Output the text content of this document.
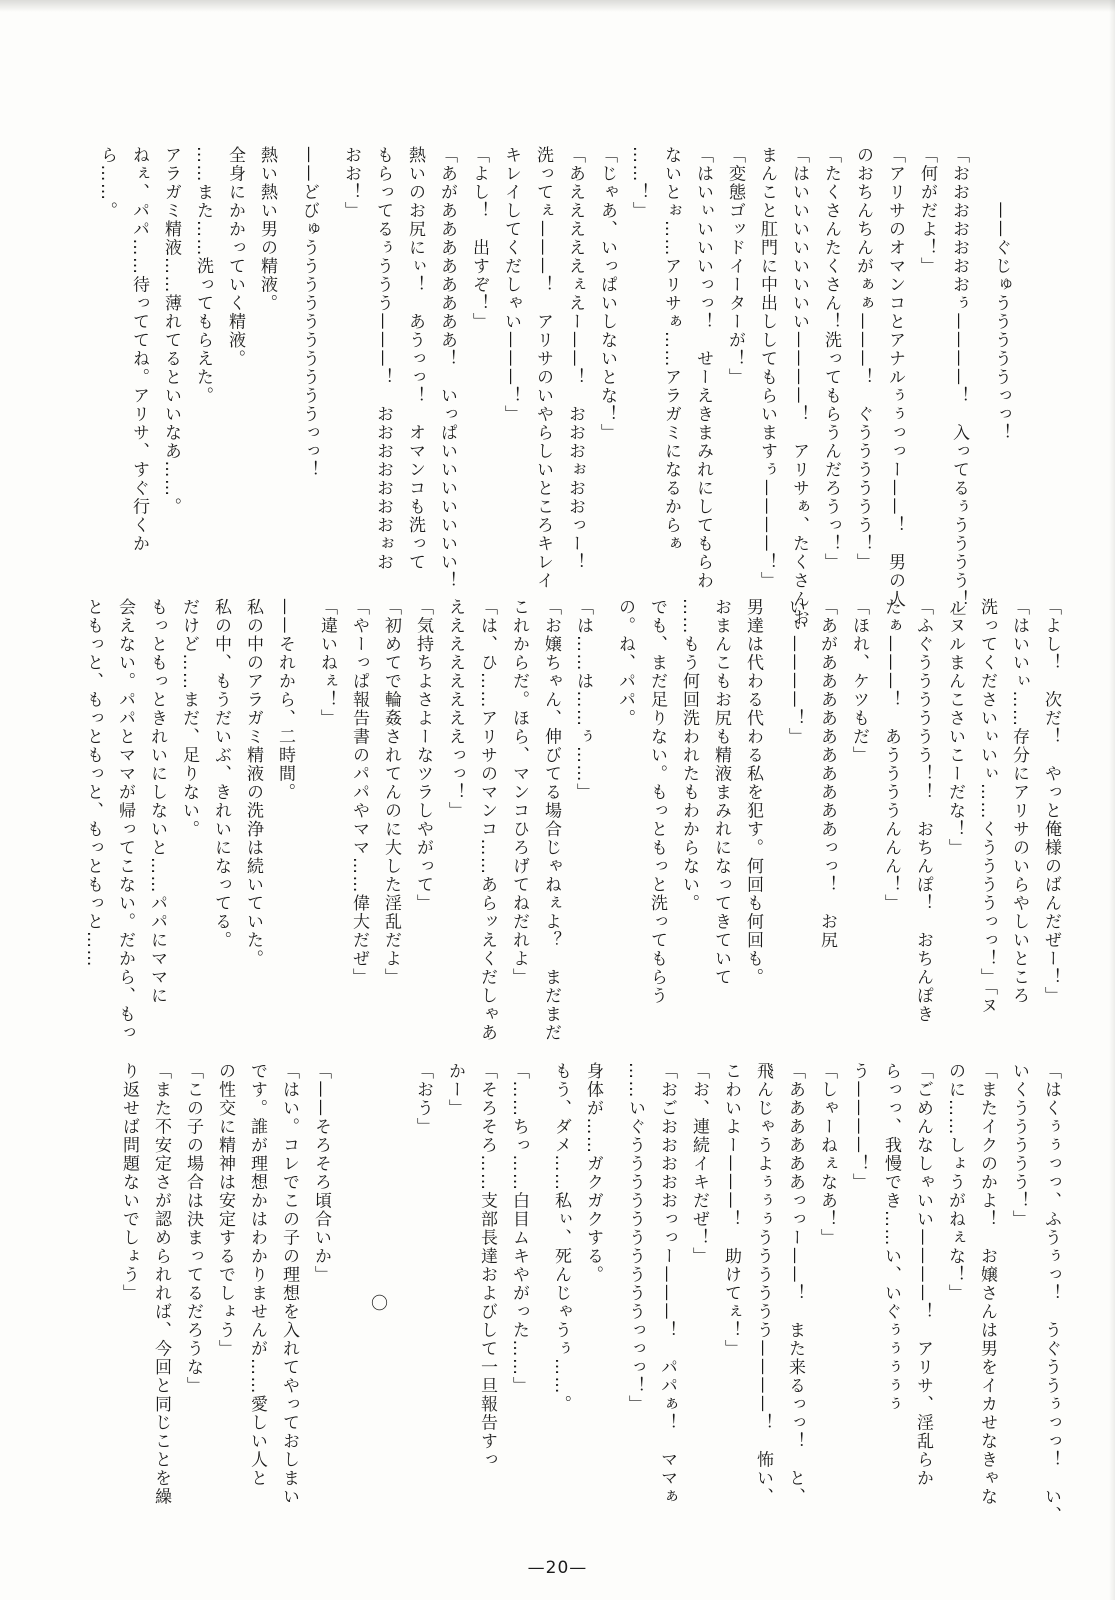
　　　——ぐじゅうううううっっ！
「おおおおおおおぅ————！　入ってるぅうううう！」
「何がだよ！」
「アリサのオマンコとアナルぅぅっっー——！　男の人
のおちんちんがぁぁ———！　ぐうううううう！」
「たくさんたくさん！洗ってもらうんだろうっ！」
「はいいいいいいいい————！　アリサぁ、たくさんお
まんこと肛門に中出ししてもらいますぅ————！」
「変態ゴッドイーターが！」
「はいぃいいいっっ！　せーえきまみれにしてもらわ
ないとぉ……アリサぁ……アラガミになるからぁ
……！」
「じゃあ、いっぱいしないとな！」
「あえええええぇえー——！　おおおぉおおっー！
洗ってぇ———！　アリサのいやらしいところキレイ
キレイしてくだしゃい———！」
「よし！　出すぞ！」
「あがああああああああ！　いっぱいいいいいいい！
熱いのお尻にぃ！　あうっっ！　オマンコも洗って
もらってるぅううう———！　おおおおおおおぉお
おお！」
——どびゅううううううううううっっ！
熱い熱い男の精液。
全身にかかっていく精液。
……また……洗ってもらえた。
アラガミ精液……薄れてるといいなあ……。
ねぇ、パパ……待っててね。アリサ、すぐ行くか
ら……。
「よし！　次だ！　やっと俺様のばんだぜー！」
「はいいぃ……存分にアリサのいらやしいところ
洗ってくださいぃいぃ……くううううっっ！」「ヌ
ルヌルまんこさいこーだな！」
「ふぐうううううう！！　おちんぽ！　おちんぽき
たぁ———！　あううううんんん！」
「ほれ、ケツもだ」
「あがああああああああああっっ！　お尻
いぃ————！」
男達は代わる代わる私を犯す。何回も何回も。
おまんこもお尻も精液まみれになってきていて
……もう何回洗われたもわからない。
でも、まだ足りない。もっともっと洗ってもらう
の。ね、パパ。
「は……は……ぅ……」
「お嬢ちゃん、伸びてる場合じゃねぇよ？　まだまだ
これからだ。ほら、マンコひろげてねだれよ」
「は、ひ……アリサのマンコ……あらッえくだしゃあ
ええええええええっっ！」
「気持ちよさよーなツラしやがって」
「初めてで輪姦されてんのに大した淫乱だよ」
「やーっぱ報告書のパパやママ……偉大だぜ」
「違いねぇ！」
——それから、二時間。
私の中のアラガミ精液の洗浄は続いていた。
私の中、もうだいぶ、きれいになってる。
だけど……まだ、足りない。
もっともっときれいにしないと……パパにママに
会えない。パパとママが帰ってこない。だから、もっ
ともっと、もっともっと、もっともっと……
「はくぅぅっっ、ふうぅっ！　うぐううぅっっ！　い、
いくううううう！」
「またイクのかよ！　お嬢さんは男をイカせなきゃな
のに……しょうがねぇな！」
「ごめんなしゃいい————！　アリサ、淫乱らか
らっっ、我慢でき……い、いぐぅぅぅぅぅ
う————！」
「しゃーねぇなあ！」
「ああああああっっー——！　また来るっっ！　と、
飛んじゃうよぅぅぅうううううう————！　怖い、
こわいよー———！　助けてぇ！」
「お、連続イキだぜ！」
「おごおおおおおっっー———！　パパぁ！　ママぁ
……いぐううううううううううっっっ！」
身体が……ガクガクする。
もう、ダメ……私ぃ、死んじゃうぅ……。
「……ちっ……白目ムキやがった……」
「そろそろ……支部長達およびして一旦報告すっ
かー」
「おう」
〇
「——そろそろ頃合いか」
「はい。コレでこの子の理想を入れてやっておしまい
です。誰が理想かはわかりませんが……愛しい人と
の性交に精神は安定するでしょう」
「この子の場合は決まってるだろうな」
「また不安定さが認められれば、今回と同じことを繰
り返せば問題ないでしょう」
—20—
